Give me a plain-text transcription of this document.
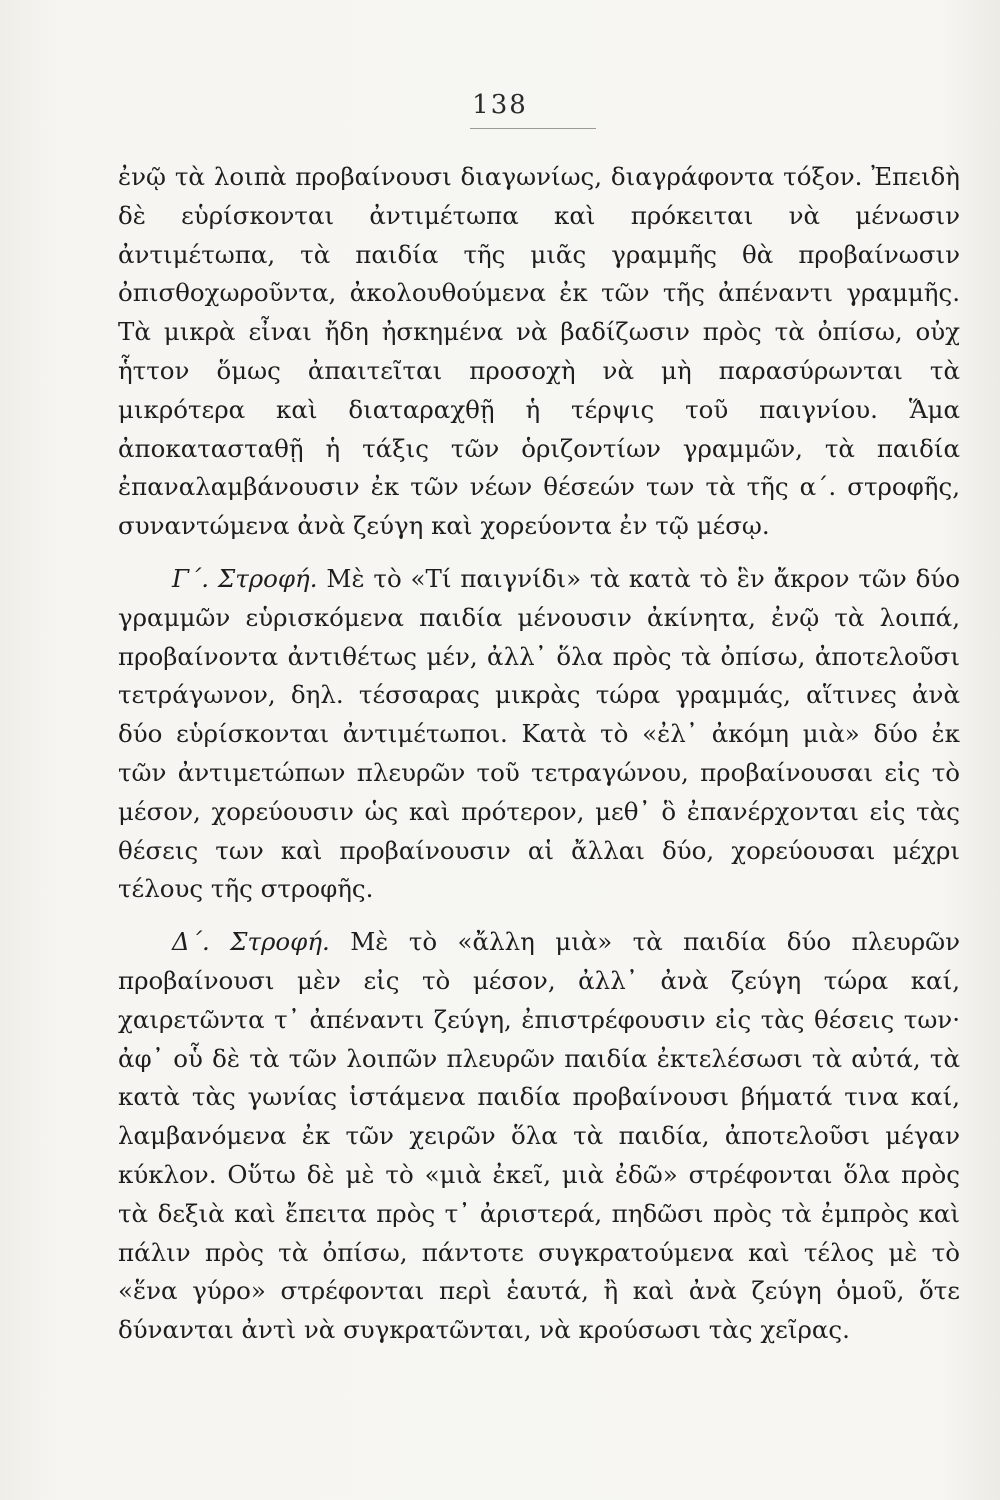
138

ἐνῷ τὰ λοιπὰ προβαίνουσι διαγωνίως, διαγράφοντα τόξον. Ἐπειδὴ δὲ εὑρίσκονται ἀντιμέτωπα καὶ πρόκειται νὰ μένωσιν ἀντιμέτωπα, τὰ παιδία τῆς μιᾶς γραμμῆς θὰ προβαίνωσιν ὀπισθοχωροῦντα, ἀκολουθούμενα ἐκ τῶν τῆς ἀπέναντι γραμμῆς. Τὰ μικρὰ εἶναι ἤδη ἠσκημένα νὰ βαδίζωσιν πρὸς τὰ ὀπίσω, οὐχ ἧττον ὅμως ἀπαιτεῖται προσοχὴ νὰ μὴ παρασύρωνται τὰ μικρότερα καὶ διαταραχθῇ ἡ τέρψις τοῦ παιγνίου. Ἅμα ἀποκατασταθῇ ἡ τάξις τῶν ὁριζοντίων γραμμῶν, τὰ παιδία ἐπαναλαμβάνουσιν ἐκ τῶν νέων θέσεών των τὰ τῆς α΄. στροφῆς, συναντώμενα ἀνὰ ζεύγη καὶ χορεύοντα ἐν τῷ μέσῳ.

Γ΄. Στροφή. Μὲ τὸ «Τί παιγνίδι» τὰ κατὰ τὸ ἓν ἄκρον τῶν δύο γραμμῶν εὑρισκόμενα παιδία μένουσιν ἀκίνητα, ἐνῷ τὰ λοιπά, προβαίνοντα ἀντιθέτως μέν, ἀλλ᾽ ὅλα πρὸς τὰ ὀπίσω, ἀποτελοῦσι τετράγωνον, δηλ. τέσσαρας μικρὰς τώρα γραμμάς, αἵτινες ἀνὰ δύο εὑρίσκονται ἀντιμέτωποι. Κατὰ τὸ «ἐλ᾽ ἀκόμη μιὰ» δύο ἐκ τῶν ἀντιμετώπων πλευρῶν τοῦ τετραγώνου, προβαίνουσαι εἰς τὸ μέσον, χορεύουσιν ὡς καὶ πρότερον, μεθ᾽ ὃ ἐπανέρχονται εἰς τὰς θέσεις των καὶ προβαίνουσιν αἱ ἄλλαι δύο, χορεύουσαι μέχρι τέλους τῆς στροφῆς.

Δ΄. Στροφή. Μὲ τὸ «ἄλλη μιὰ» τὰ παιδία δύο πλευρῶν προβαίνουσι μὲν εἰς τὸ μέσον, ἀλλ᾽ ἀνὰ ζεύγη τώρα καί, χαιρετῶντα τ᾽ ἀπέναντι ζεύγη, ἐπιστρέφουσιν εἰς τὰς θέσεις των· ἀφ᾽ οὗ δὲ τὰ τῶν λοιπῶν πλευρῶν παιδία ἐκτελέσωσι τὰ αὐτά, τὰ κατὰ τὰς γωνίας ἱστάμενα παιδία προβαίνουσι βήματά τινα καί, λαμβανόμενα ἐκ τῶν χειρῶν ὅλα τὰ παιδία, ἀποτελοῦσι μέγαν κύκλον. Οὕτω δὲ μὲ τὸ «μιὰ ἐκεῖ, μιὰ ἐδῶ» στρέφονται ὅλα πρὸς τὰ δεξιὰ καὶ ἔπειτα πρὸς τ᾽ ἀριστερά, πηδῶσι πρὸς τὰ ἐμπρὸς καὶ πάλιν πρὸς τὰ ὀπίσω, πάντοτε συγκρατούμενα καὶ τέλος μὲ τὸ «ἕνα γύρο» στρέφονται περὶ ἑαυτά, ἢ καὶ ἀνὰ ζεύγη ὁμοῦ, ὅτε δύνανται ἀντὶ νὰ συγκρατῶνται, νὰ κρούσωσι τὰς χεῖρας.
